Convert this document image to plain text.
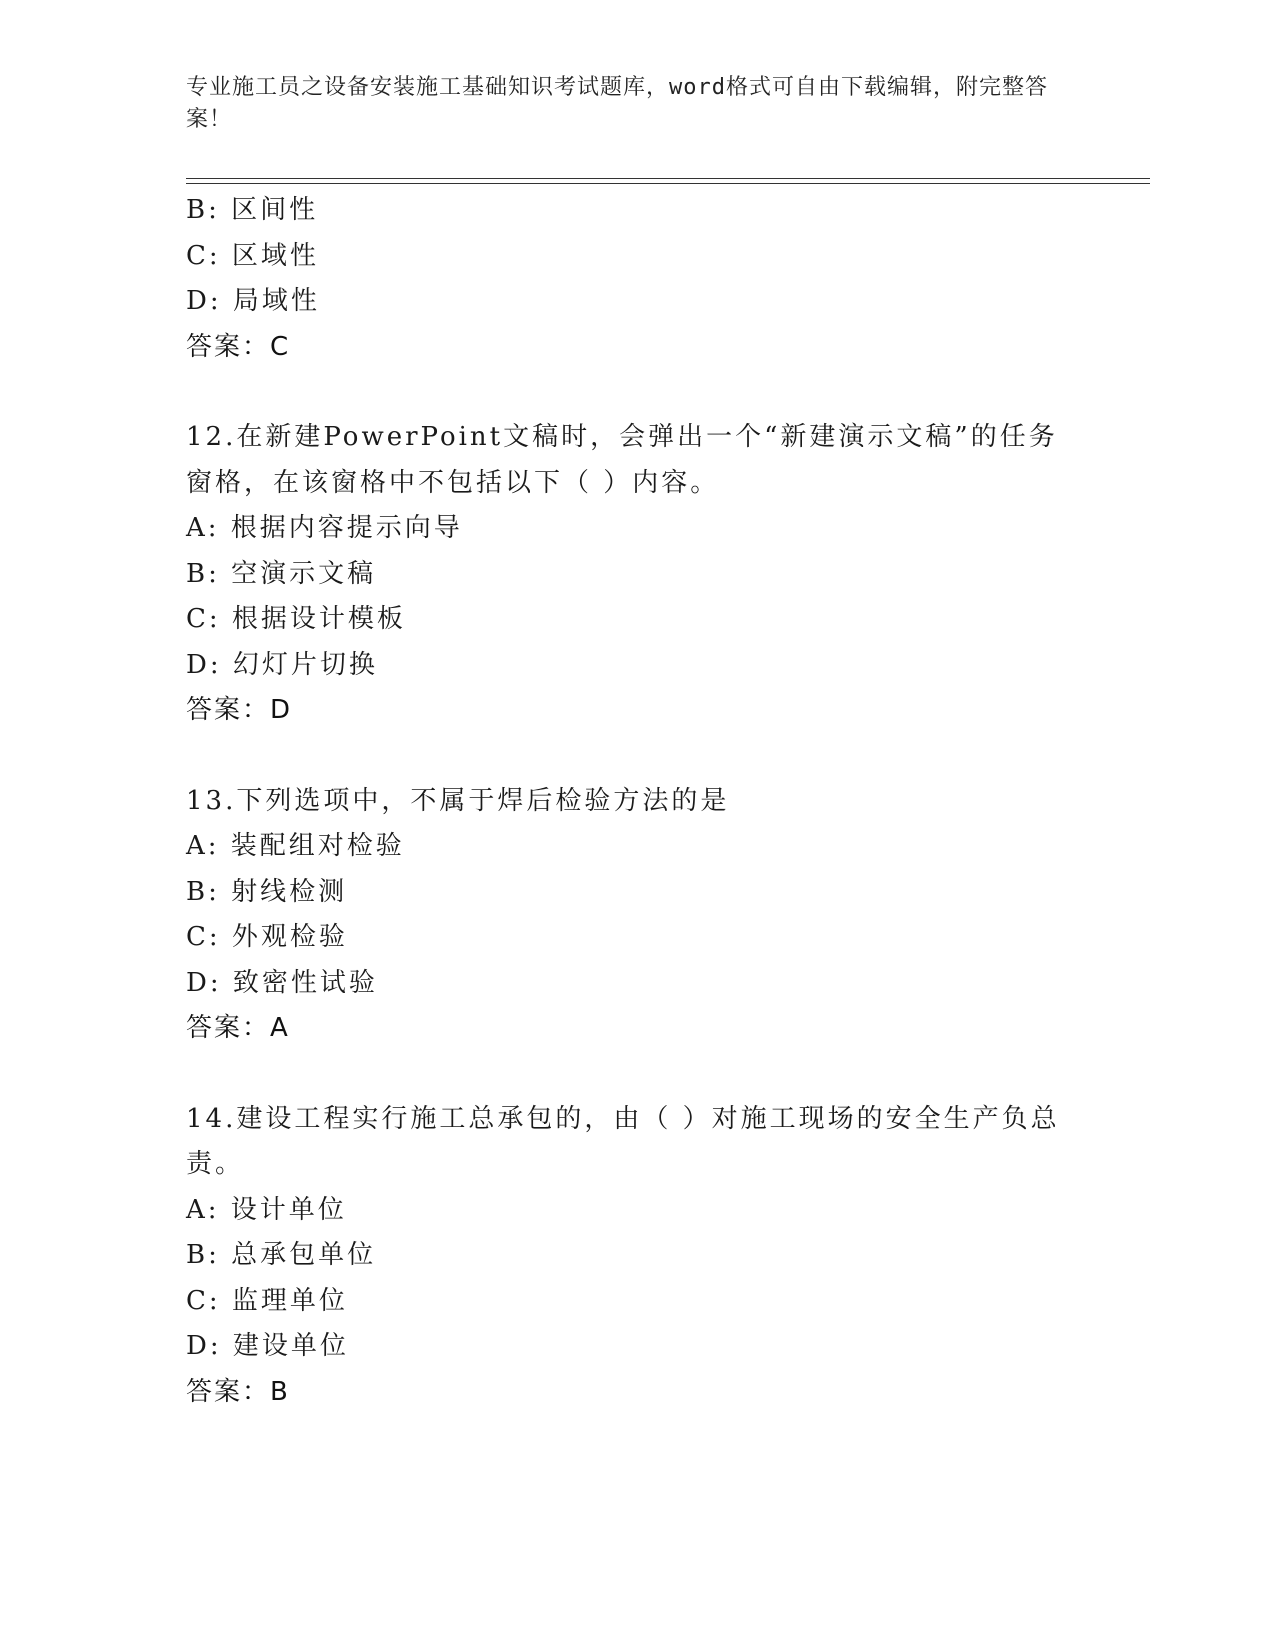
专业施工员之设备安装施工基础知识考试题库，word格式可自由下载编辑，附完整答案！
B: 区间性
C: 区域性
D: 局域性
答案：C
12.在新建PowerPoint文稿时，会弹出一个“新建演示文稿”的任务窗格，在该窗格中不包括以下（ ）内容。
A: 根据内容提示向导
B: 空演示文稿
C: 根据设计模板
D: 幻灯片切换
答案：D
13.下列选项中，不属于焊后检验方法的是
A: 装配组对检验
B: 射线检测
C: 外观检验
D: 致密性试验
答案：A
14.建设工程实行施工总承包的，由（ ）对施工现场的安全生产负总责。
A: 设计单位
B: 总承包单位
C: 监理单位
D: 建设单位
答案：B
